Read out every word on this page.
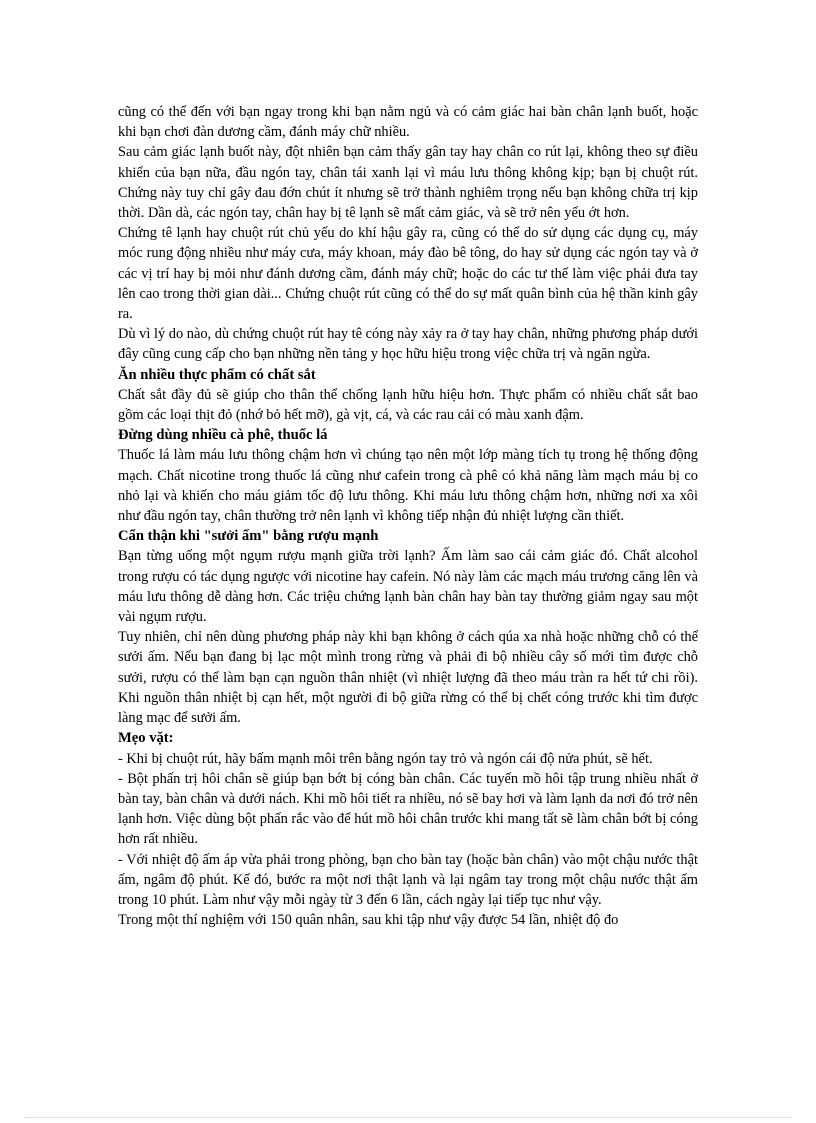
cũng có thể đến với bạn ngay trong khi bạn nằm ngủ và có cảm giác hai bàn chân lạnh buốt, hoặc khi bạn chơi đàn dương cầm, đánh máy chữ nhiều.

Sau cảm giác lạnh buốt này, đột nhiên bạn cảm thấy gân tay hay chân co rút lại, không theo sự điều khiển của bạn nữa, đầu ngón tay, chân tái xanh lại vì máu lưu thông không kịp; bạn bị chuột rút. Chứng này tuy chỉ gây đau đớn chút ít nhưng sẽ trở thành nghiêm trọng nếu bạn không chữa trị kịp thời. Dần dà, các ngón tay, chân hay bị tê lạnh sẽ mất cảm giác, và sẽ trở nên yếu ớt hơn.

Chứng tê lạnh hay chuột rút chủ yếu do khí hậu gây ra, cũng có thể do sử dụng các dụng cụ, máy móc rung động nhiều như máy cưa, máy khoan, máy đào bê tông, do hay sử dụng các ngón tay và ở các vị trí hay bị mỏi như đánh dương cầm, đánh máy chữ; hoặc do các tư thế làm việc phải đưa tay lên cao trong thời gian dài... Chứng chuột rút cũng có thể do sự mất quân bình của hệ thần kinh gây ra.

Dù vì lý do nào, dù chứng chuột rút hay tê cóng này xảy ra ở tay hay chân, những phương pháp dưới đây cũng cung cấp cho bạn những nền tảng y học hữu hiệu trong việc chữa trị và ngăn ngừa.

Ăn nhiều thực phẩm có chất sắt

Chất sắt đầy đủ sẽ giúp cho thân thể chống lạnh hữu hiệu hơn. Thực phẩm có nhiều chất sắt bao gồm các loại thịt đỏ (nhớ bỏ hết mỡ), gà vịt, cá, và các rau cải có màu xanh đậm.

Đừng dùng nhiều cà phê, thuốc lá

Thuốc lá làm máu lưu thông chậm hơn vì chúng tạo nên một lớp màng tích tụ trong hệ thống động mạch. Chất nicotine trong thuốc lá cũng như cafein trong cà phê có khả năng làm mạch máu bị co nhỏ lại và khiến cho máu giảm tốc độ lưu thông. Khi máu lưu thông chậm hơn, những nơi xa xôi như đầu ngón tay, chân thường trở nên lạnh vì không tiếp nhận đủ nhiệt lượng cần thiết.

Cẩn thận khi "sưởi ấm" bằng rượu mạnh

Bạn từng uống một ngụm rượu mạnh giữa trời lạnh? Ấm làm sao cái cảm giác đó. Chất alcohol trong rượu có tác dụng ngược với nicotine hay cafein. Nó này làm các mạch máu trương căng lên và máu lưu thông dễ dàng hơn. Các triệu chứng lạnh bàn chân hay bàn tay thường giảm ngay sau một vài ngụm rượu.

Tuy nhiên, chỉ nên dùng phương pháp này khi bạn không ở cách qúa xa nhà hoặc những chỗ có thể sưởi ấm. Nếu bạn đang bị lạc một mình trong rừng và phải đi bộ nhiều cây số mới tìm được chỗ sưởi, rượu có thể làm bạn cạn nguồn thân nhiệt (vì nhiệt lượng đã theo máu tràn ra hết tứ chi rồi). Khi nguồn thân nhiệt bị cạn hết, một người đi bộ giữa rừng có thể bị chết cóng trước khi tìm được làng mạc để sưởi ấm.

Mẹo vặt:

- Khi bị chuột rút, hãy bấm mạnh môi trên bằng ngón tay trỏ và ngón cái độ nửa phút, sẽ hết.

- Bột phấn trị hôi chân sẽ giúp bạn bớt bị cóng bàn chân. Các tuyến mồ hôi tập trung nhiều nhất ở bàn tay, bàn chân và dưới nách. Khi mồ hôi tiết ra nhiều, nó sẽ bay hơi và làm lạnh da nơi đó trở nên lạnh hơn. Việc dùng bột phấn rắc vào để hút mồ hôi chân trước khi mang tất sẽ làm chân bớt bị cóng hơn rất nhiều.

- Với nhiệt độ ấm áp vừa phải trong phòng, bạn cho bàn tay (hoặc bàn chân) vào một chậu nước thật ấm, ngâm độ phút. Kế đó, bước ra một nơi thật lạnh và lại ngâm tay trong một chậu nước thật ấm trong 10 phút. Làm như vậy mỗi ngày từ 3 đến 6 lần, cách ngày lại tiếp tục như vậy.

Trong một thí nghiệm với 150 quân nhân, sau khi tập như vậy được 54 lần, nhiệt độ đo
